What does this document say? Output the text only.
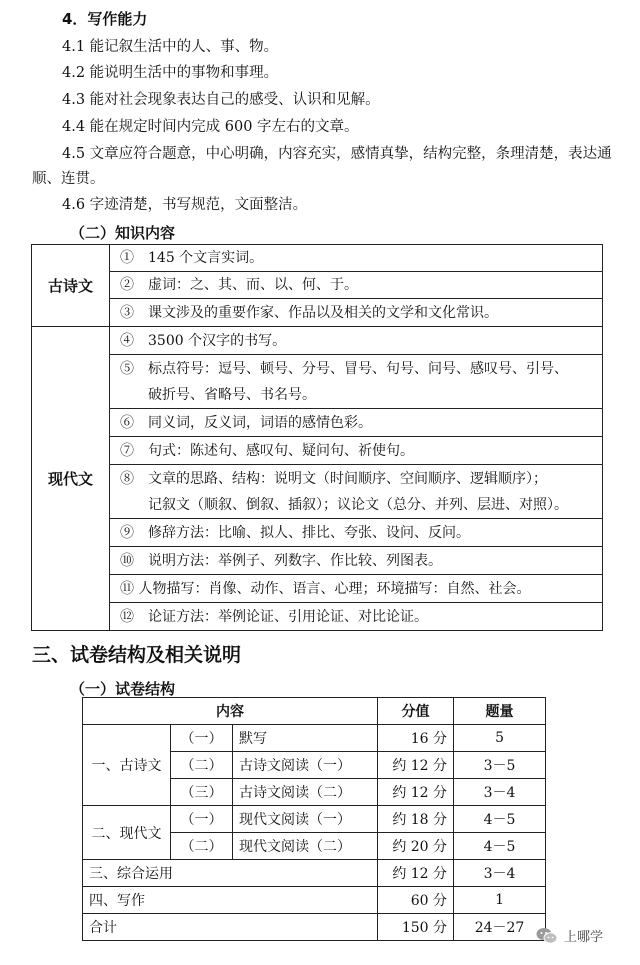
4．写作能力
4.1 能记叙生活中的人、事、物。
4.2 能说明生活中的事物和事理。
4.3 能对社会现象表达自己的感受、认识和见解。
4.4 能在规定时间内完成 600 字左右的文章。
4.5 文章应符合题意，中心明确，内容充实，感情真挚，结构完整，条理清楚，表达通
顺、连贯。
4.6 字迹清楚，书写规范，文面整洁。
（二）知识内容
古诗文	①　145 个文言实词。
	②　虚词：之、其、而、以、何、于。
	③　课文涉及的重要作家、作品以及相关的文学和文化常识。
现代文	④　3500 个汉字的书写。

	⑤　标点符号：逗号、顿号、分号、冒号、句号、问号、感叹号、引号、
　　破折号、省略号、书名号。

	⑥　同义词，反义词，词语的感情色彩。
	⑦　句式：陈述句、感叹句、疑问句、祈使句。

	⑧　文章的思路、结构：说明文（时间顺序、空间顺序、逻辑顺序）；
　　记叙文（顺叙、倒叙、插叙）；议论文（总分、并列、层进、对照）。

	⑨　修辞方法：比喻、拟人、排比、夸张、设问、反问。
	⑩　说明方法：举例子、列数字、作比较、列图表。
	⑪ 人物描写：肖像、动作、语言、心理；环境描写：自然、社会。
	⑫　论证方法：举例论证、引用论证、对比论证。
三、试卷结构及相关说明
（一）试卷结构
内容			分值	题量
一、古诗文	（一）	默写	16 分	5
	（二）	古诗文阅读（一）	约 12 分	3－5
	（三）	古诗文阅读（二）	约 12 分	3－4
二、现代文	（一）	现代文阅读（一）	约 18 分	4－5
	（二）	现代文阅读（二）	约 20 分	4－5
三、综合运用			约 12 分	3－4
四、写作			60 分	1
合计			150 分	24－27
上哪学
